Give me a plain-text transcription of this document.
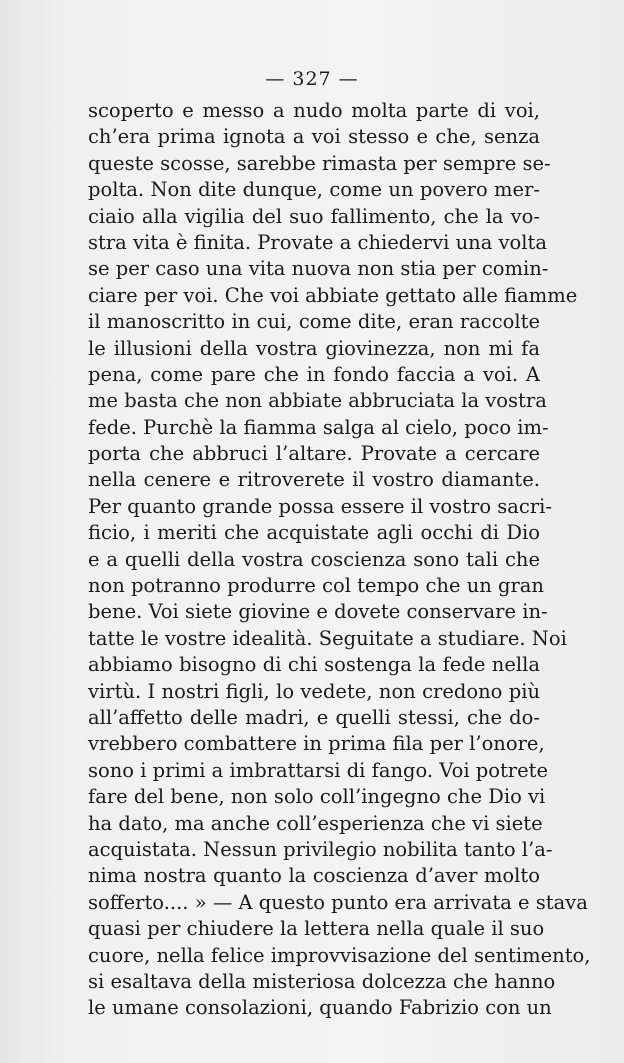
— 327 —
scoperto e messo a nudo molta parte di voi,
ch’era prima ignota a voi stesso e che, senza
queste scosse, sarebbe rimasta per sempre se-
polta. Non dite dunque, come un povero mer-
ciaio alla vigilia del suo fallimento, che la vo-
stra vita è finita. Provate a chiedervi una volta
se per caso una vita nuova non stia per comin-
ciare per voi. Che voi abbiate gettato alle fiamme
il manoscritto in cui, come dite, eran raccolte
le illusioni della vostra giovinezza, non mi fa
pena, come pare che in fondo faccia a voi. A
me basta che non abbiate abbruciata la vostra
fede. Purchè la fiamma salga al cielo, poco im-
porta che abbruci l’altare. Provate a cercare
nella cenere e ritroverete il vostro diamante.
Per quanto grande possa essere il vostro sacri-
ficio, i meriti che acquistate agli occhi di Dio
e a quelli della vostra coscienza sono tali che
non potranno produrre col tempo che un gran
bene. Voi siete giovine e dovete conservare in-
tatte le vostre idealità. Seguitate a studiare. Noi
abbiamo bisogno di chi sostenga la fede nella
virtù. I nostri figli, lo vedete, non credono più
all’affetto delle madri, e quelli stessi, che do-
vrebbero combattere in prima fila per l’onore,
sono i primi a imbrattarsi di fango. Voi potrete
fare del bene, non solo coll’ingegno che Dio vi
ha dato, ma anche coll’esperienza che vi siete
acquistata. Nessun privilegio nobilita tanto l’a-
nima nostra quanto la coscienza d’aver molto
sofferto.... » — A questo punto era arrivata e stava
quasi per chiudere la lettera nella quale il suo
cuore, nella felice improvvisazione del sentimento,
si esaltava della misteriosa dolcezza che hanno
le umane consolazioni, quando Fabrizio con un
